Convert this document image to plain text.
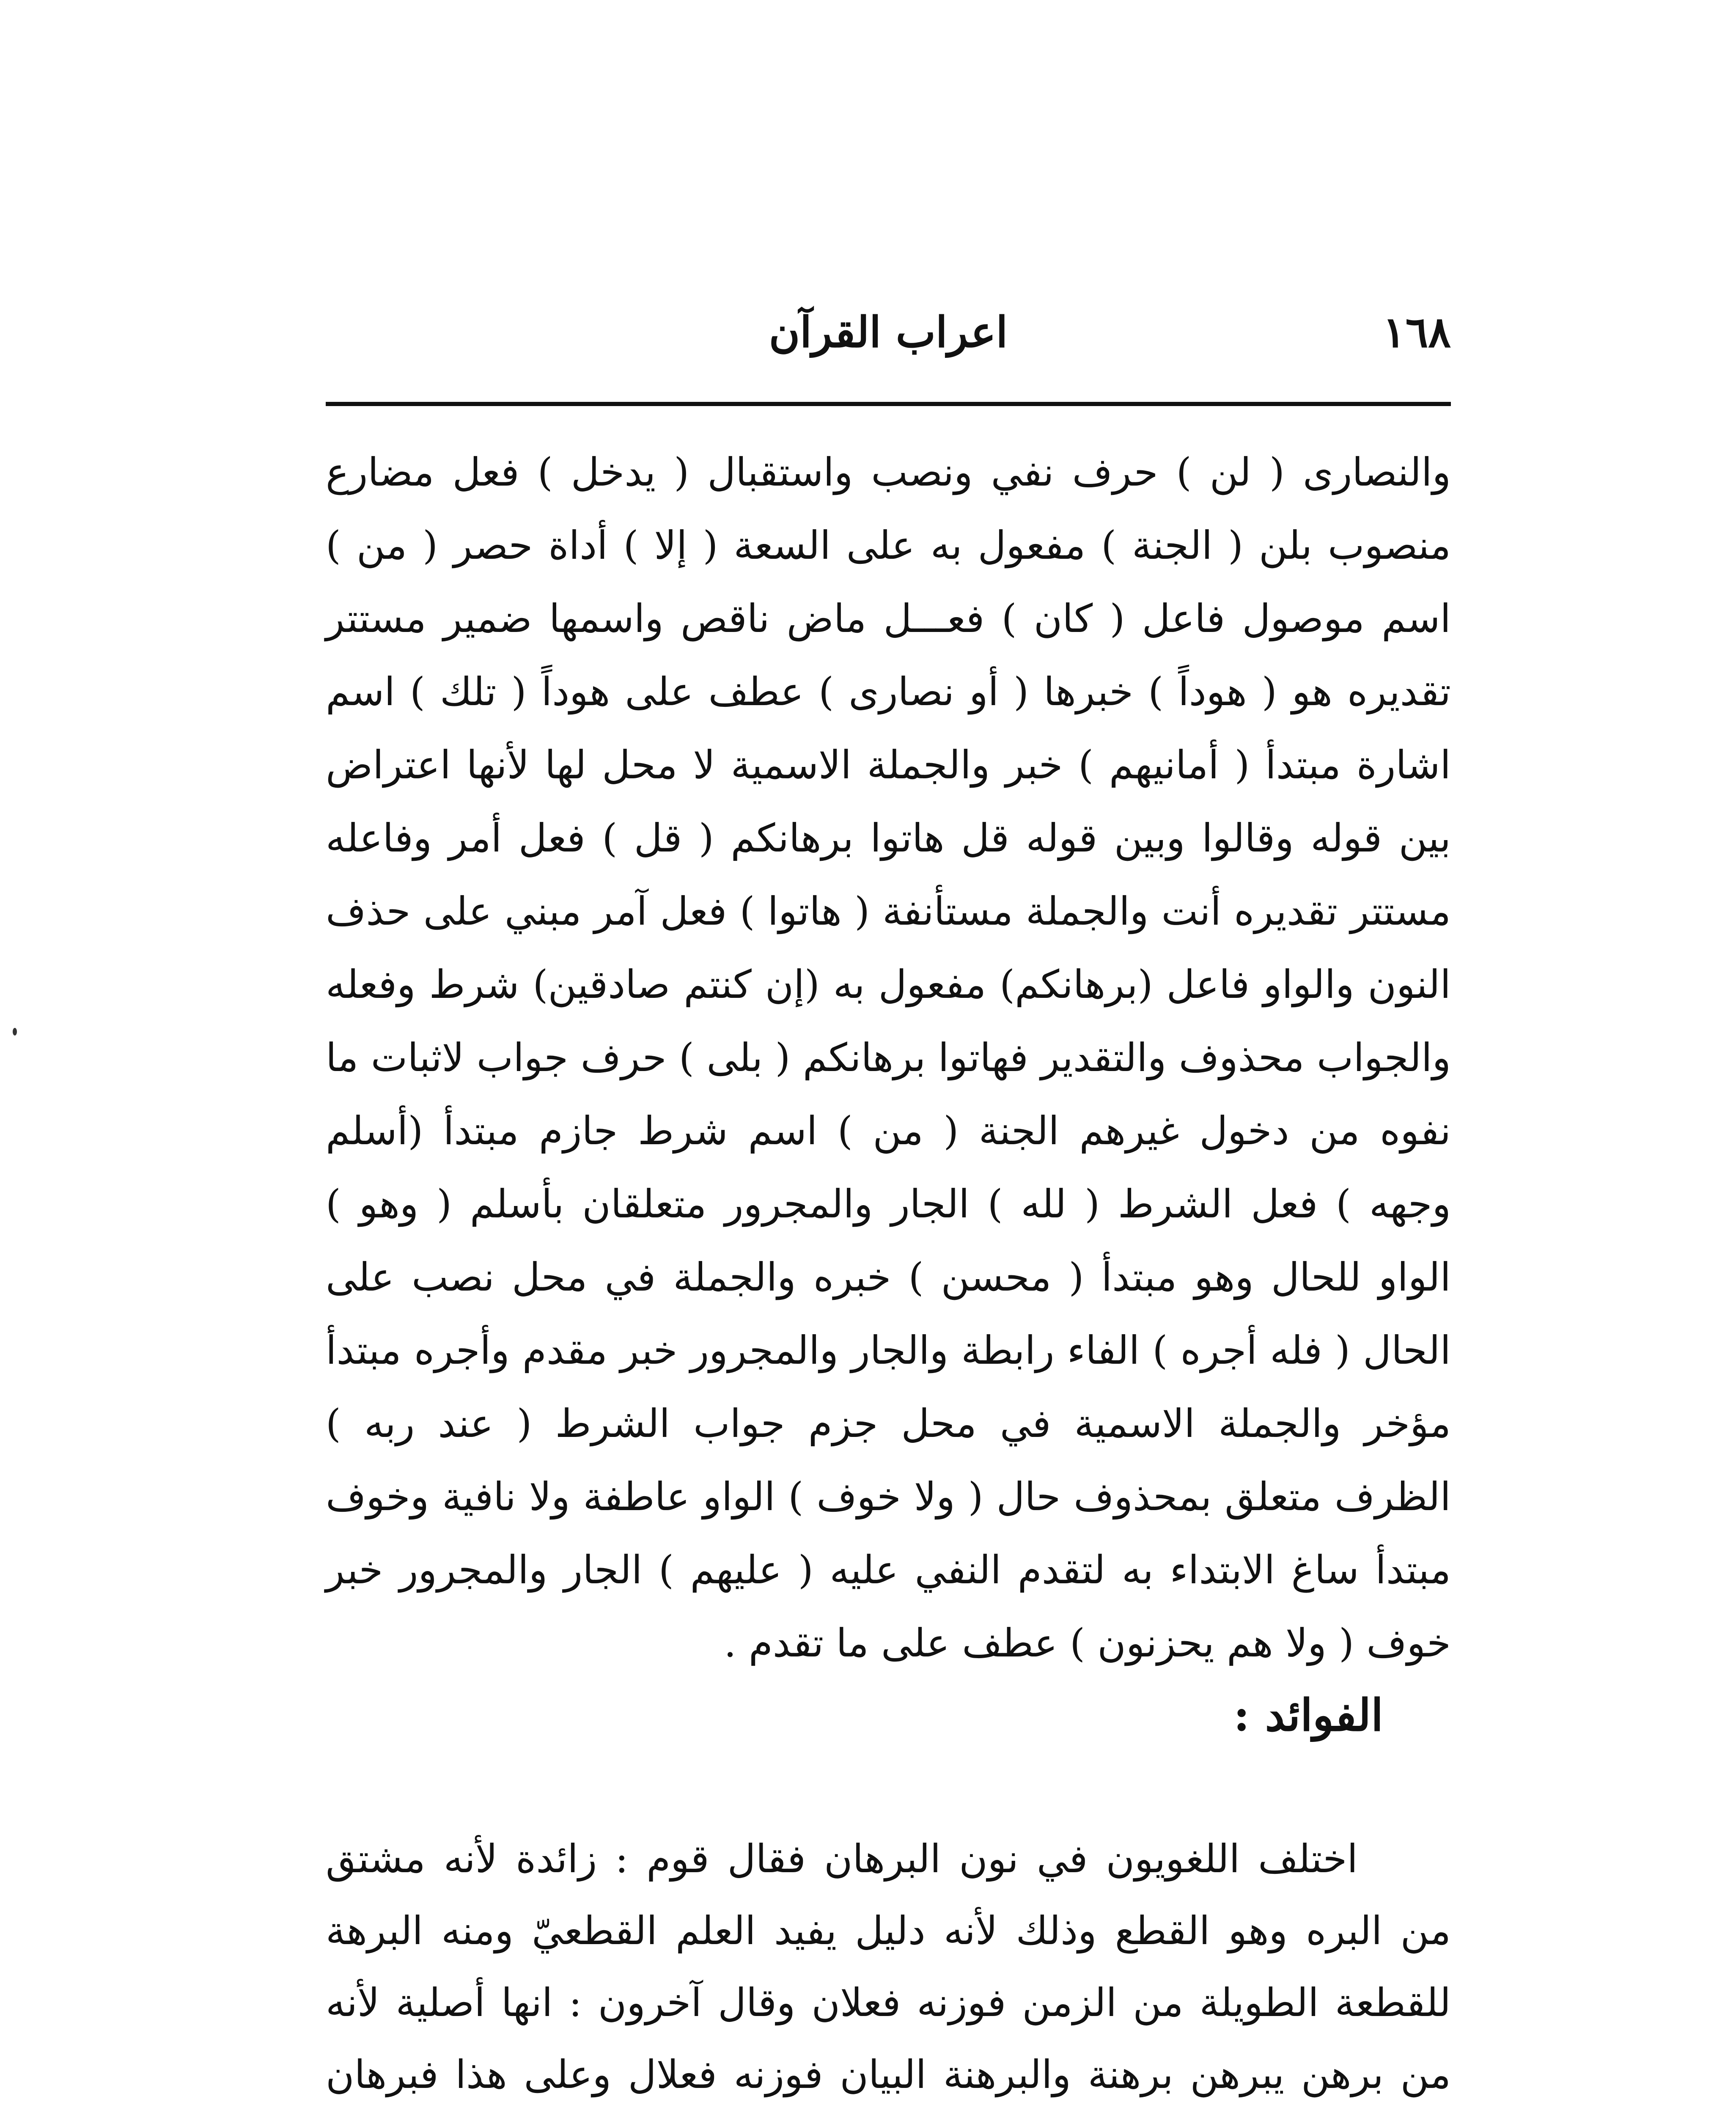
١٦٨
اعراب القرآن

والنصارى ( لن ) حرف نفي ونصب واستقبال ( يدخل ) فعل مضارع منصوب بلن ( الجنة ) مفعول به على السعة ( إلا ) أداة حصر ( من ) اسم موصول فاعل ( كان ) فعـــل ماض ناقص واسمها ضمير مستتر تقديره هو ( هوداً ) خبرها ( أو نصارى ) عطف على هوداً ( تلك ) اسم اشارة مبتدأ ( أمانيهم ) خبر والجملة الاسمية لا محل لها لأنها اعتراض بين قوله وقالوا وبين قوله قل هاتوا برهانكم ( قل ) فعل أمر وفاعله مستتر تقديره أنت والجملة مستأنفة ( هاتوا ) فعل آمر مبني على حذف النون والواو فاعل (برهانكم) مفعول به (إن كنتم صادقين) شرط وفعله والجواب محذوف والتقدير فهاتوا برهانكم ( بلى ) حرف جواب لاثبات ما نفوه من دخول غيرهم الجنة ( من ) اسم شرط جازم مبتدأ (أسلم وجهه ) فعل الشرط ( لله ) الجار والمجرور متعلقان بأسلم ( وهو ) الواو للحال وهو مبتدأ ( محسن ) خبره والجملة في محل نصب على الحال ( فله أجره ) الفاء رابطة والجار والمجرور خبر مقدم وأجره مبتدأ مؤخر والجملة الاسمية في محل جزم جواب الشرط ( عند ربه ) الظرف متعلق بمحذوف حال ( ولا خوف ) الواو عاطفة ولا نافية وخوف مبتدأ ساغ الابتداء به لتقدم النفي عليه ( عليهم ) الجار والمجرور خبر خوف ( ولا هم يحزنون ) عطف على ما تقدم .

الفوائد :

اختلف اللغويون في نون البرهان فقال قوم : زائدة لأنه مشتق من البره وهو القطع وذلك لأنه دليل يفيد العلم القطعيّ ومنه البرهة للقطعة الطويلة من الزمن فوزنه فعلان وقال آخرون : انها أصلية لأنه من برهن يبرهن برهنة والبرهنة البيان فوزنه فعلال وعلى هذا فبرهان
